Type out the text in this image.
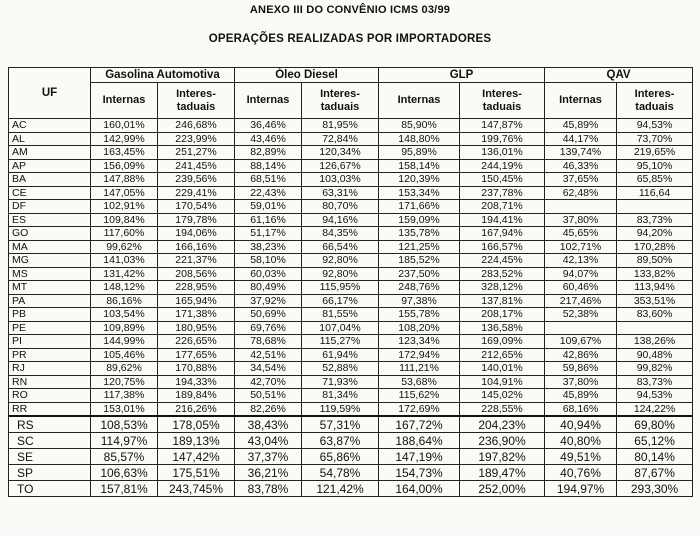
ANEXO III DO CONVÊNIO ICMS 03/99
OPERAÇÕES REALIZADAS POR IMPORTADORES
UF	Gasolina Automotiva		Óleo Diesel		GLP		QAV	
	Internas	Interes-taduais	Internas	Interes-taduais	Internas	Interes-taduais	Internas	Interes-taduais
AC	160,01%	246,68%	36,46%	81,95%	85,90%	147,87%	45,89%	94,53%
AL	142,99%	223,99%	43,46%	72,84%	148,80%	199,76%	44,17%	73,70%
AM	163,45%	251,27%	82,89%	120,34%	95,89%	136,01%	139,74%	219,65%
AP	156,09%	241,45%	88,14%	126,67%	158,14%	244,19%	46,33%	95,10%
BA	147,88%	239,56%	68,51%	103,03%	120,39%	150,45%	37,65%	65,85%
CE	147,05%	229,41%	22,43%	63,31%	153,34%	237,78%	62,48%	116,64
DF	102,91%	170,54%	59,01%	80,70%	171,66%	208,71%		
ES	109,84%	179,78%	61,16%	94,16%	159,09%	194,41%	37,80%	83,73%
GO	117,60%	194,06%	51,17%	84,35%	135,78%	167,94%	45,65%	94,20%
MA	99,62%	166,16%	38,23%	66,54%	121,25%	166,57%	102,71%	170,28%
MG	141,03%	221,37%	58,10%	92,80%	185,52%	224,45%	42,13%	89,50%
MS	131,42%	208,56%	60,03%	92,80%	237,50%	283,52%	94,07%	133,82%
MT	148,12%	228,95%	80,49%	115,95%	248,76%	328,12%	60,46%	113,94%
PA	86,16%	165,94%	37,92%	66,17%	97,38%	137,81%	217,46%	353,51%
PB	103,54%	171,38%	50,69%	81,55%	155,78%	208,17%	52,38%	83,60%
PE	109,89%	180,95%	69,76%	107,04%	108,20%	136,58%		
PI	144,99%	226,65%	78,68%	115,27%	123,34%	169,09%	109,67%	138,26%
PR	105,46%	177,65%	42,51%	61,94%	172,94%	212,65%	42,86%	90,48%
RJ	89,62%	170,88%	34,54%	52,88%	111,21%	140,01%	59,86%	99,82%
RN	120,75%	194,33%	42,70%	71,93%	53,68%	104,91%	37,80%	83,73%
RO	117,38%	189,84%	50,51%	81,34%	115,62%	145,02%	45,89%	94,53%
RR	153,01%	216,26%	82,26%	119,59%	172,69%	228,55%	68,16%	124,22%
RS	108,53%	178,05%	38,43%	57,31%	167,72%	204,23%	40,94%	69,80%
SC	114,97%	189,13%	43,04%	63,87%	188,64%	236,90%	40,80%	65,12%
SE	85,57%	147,42%	37,37%	65,86%	147,19%	197,82%	49,51%	80,14%
SP	106,63%	175,51%	36,21%	54,78%	154,73%	189,47%	40,76%	87,67%
TO	157,81%	243,745%	83,78%	121,42%	164,00%	252,00%	194,97%	293,30%
